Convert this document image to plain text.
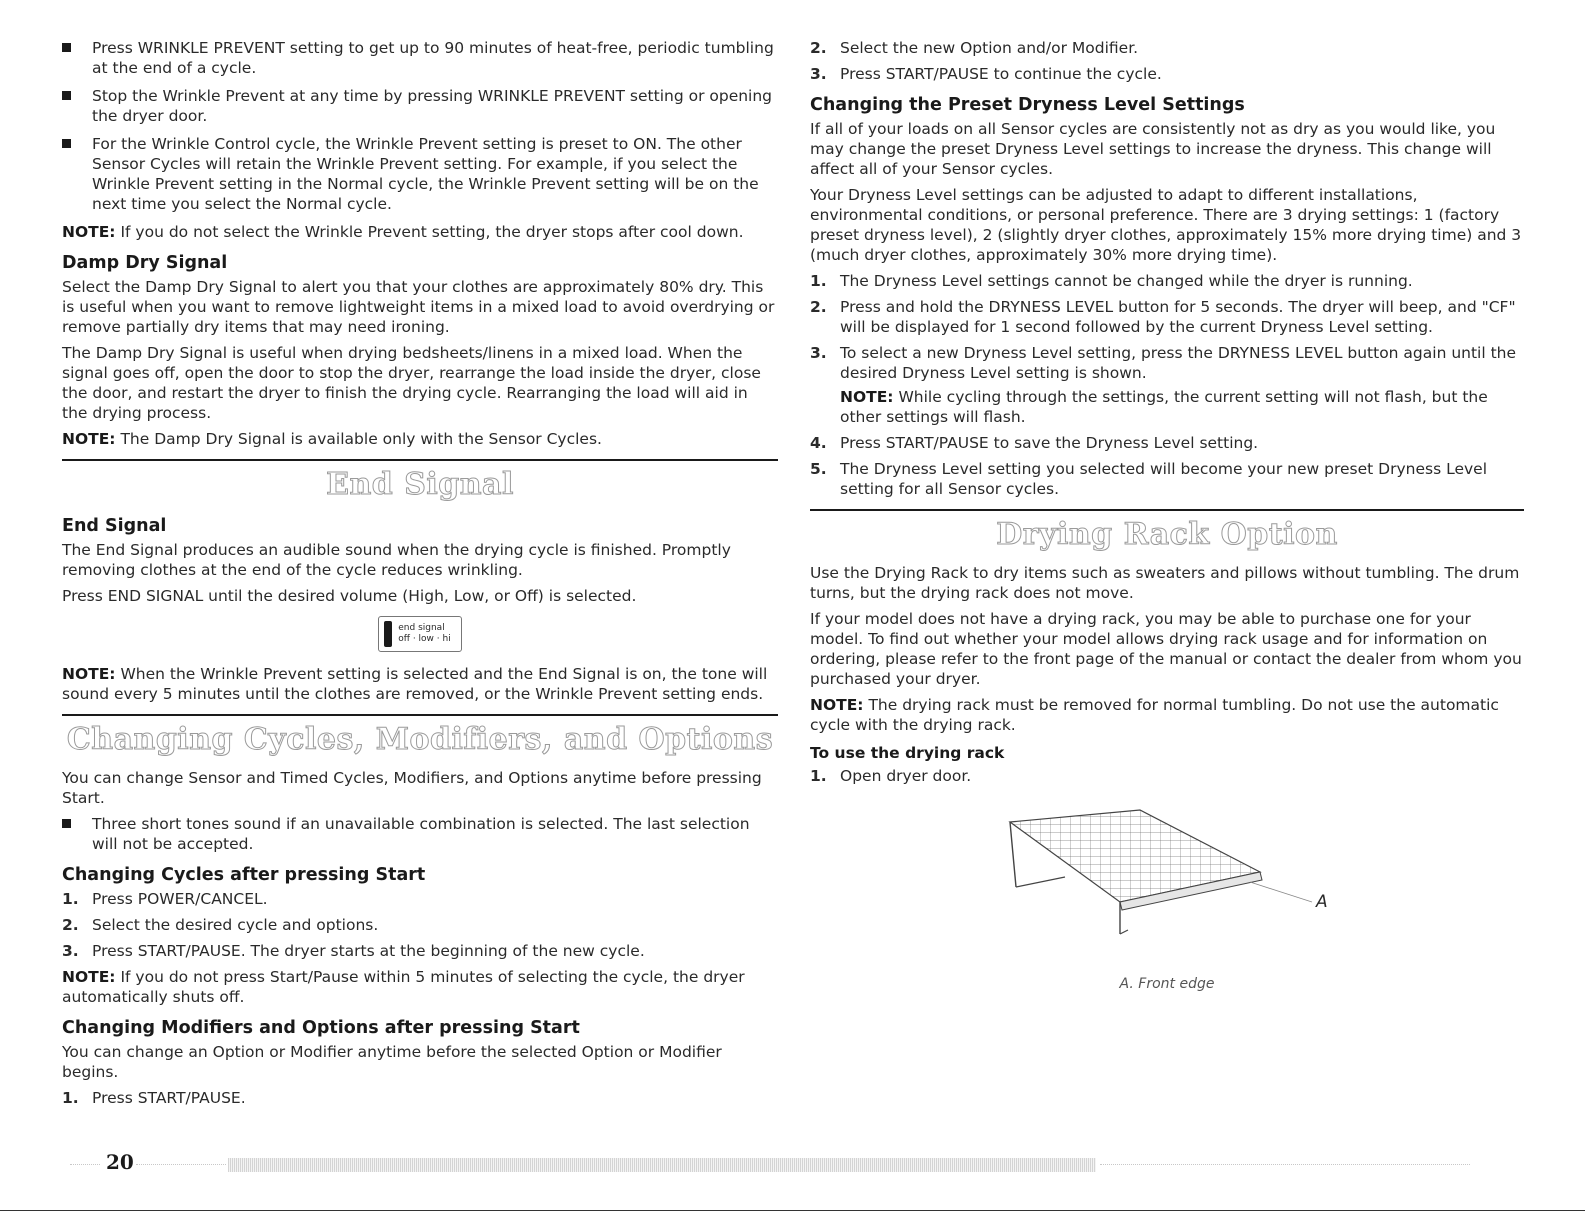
Press WRINKLE PREVENT setting to get up to 90 minutes of heat-free, periodic tumbling at the end of a cycle.
Stop the Wrinkle Prevent at any time by pressing WRINKLE PREVENT setting or opening the dryer door.
For the Wrinkle Control cycle, the Wrinkle Prevent setting is preset to ON. The other Sensor Cycles will retain the Wrinkle Prevent setting. For example, if you select the Wrinkle Prevent setting in the Normal cycle, the Wrinkle Prevent setting will be on the next time you select the Normal cycle.

NOTE: If you do not select the Wrinkle Prevent setting, the dryer stops after cool down.

Damp Dry Signal

Select the Damp Dry Signal to alert you that your clothes are approximately 80% dry. This is useful when you want to remove lightweight items in a mixed load to avoid overdrying or remove partially dry items that may need ironing.

The Damp Dry Signal is useful when drying bedsheets/linens in a mixed load. When the signal goes off, open the door to stop the dryer, rearrange the load inside the dryer, close the door, and restart the dryer to finish the drying cycle. Rearranging the load will aid in the drying process.

NOTE: The Damp Dry Signal is available only with the Sensor Cycles.

End Signal
End Signal

The End Signal produces an audible sound when the drying cycle is finished. Promptly removing clothes at the end of the cycle reduces wrinkling.

Press END SIGNAL until the desired volume (High, Low, or Off) is selected.

end signal
off · low · hi

NOTE: When the Wrinkle Prevent setting is selected and the End Signal is on, the tone will sound every 5 minutes until the clothes are removed, or the Wrinkle Prevent setting ends.

Changing Cycles, Modifiers, and Options

You can change Sensor and Timed Cycles, Modifiers, and Options anytime before pressing Start.

Three short tones sound if an unavailable combination is selected. The last selection will not be accepted.
Changing Cycles after pressing Start
1. Press POWER/CANCEL.
2. Select the desired cycle and options.
3. Press START/PAUSE. The dryer starts at the beginning of the new cycle.

NOTE: If you do not press Start/Pause within 5 minutes of selecting the cycle, the dryer automatically shuts off.

Changing Modifiers and Options after pressing Start

You can change an Option or Modifier anytime before the selected Option or Modifier begins.

1. Press START/PAUSE.
2. Select the new Option and/or Modifier.
3. Press START/PAUSE to continue the cycle.
Changing the Preset Dryness Level Settings

If all of your loads on all Sensor cycles are consistently not as dry as you would like, you may change the preset Dryness Level settings to increase the dryness. This change will affect all of your Sensor cycles.

Your Dryness Level settings can be adjusted to adapt to different installations, environmental conditions, or personal preference. There are 3 drying settings: 1 (factory preset dryness level), 2 (slightly dryer clothes, approximately 15% more drying time) and 3 (much dryer clothes, approximately 30% more drying time).

1. The Dryness Level settings cannot be changed while the dryer is running.
2. Press and hold the DRYNESS LEVEL button for 5 seconds. The dryer will beep, and "CF" will be displayed for 1 second followed by the current Dryness Level setting.
3. To select a new Dryness Level setting, press the DRYNESS LEVEL button again until the desired Dryness Level setting is shown.
NOTE: While cycling through the settings, the current setting will not flash, but the other settings will flash.
4. Press START/PAUSE to save the Dryness Level setting.
5. The Dryness Level setting you selected will become your new preset Dryness Level setting for all Sensor cycles.
Drying Rack Option

Use the Drying Rack to dry items such as sweaters and pillows without tumbling. The drum turns, but the drying rack does not move.

If your model does not have a drying rack, you may be able to purchase one for your model. To find out whether your model allows drying rack usage and for information on ordering, please refer to the front page of the manual or contact the dealer from whom you purchased your dryer.

NOTE: The drying rack must be removed for normal tumbling. Do not use the automatic cycle with the drying rack.

To use the drying rack
1. Open dryer door.
A
A. Front edge
20
